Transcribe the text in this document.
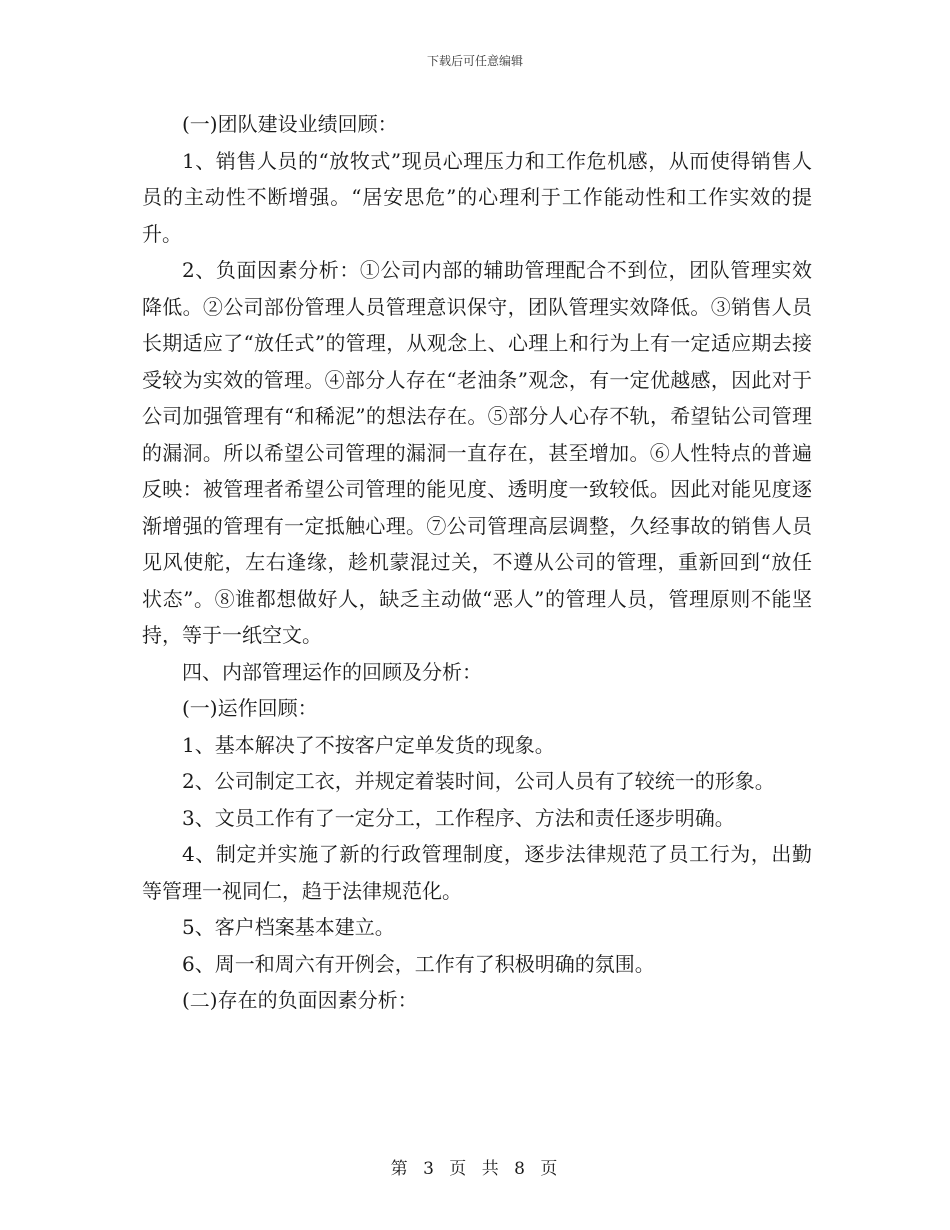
下载后可任意编辑

(一)团队建设业绩回顾：

1、销售人员的“放牧式”现员心理压力和工作危机感，从而使得销售人员的主动性不断增强。“居安思危”的心理利于工作能动性和工作实效的提升。

2、负面因素分析：①公司内部的辅助管理配合不到位，团队管理实效降低。②公司部份管理人员管理意识保守，团队管理实效降低。③销售人员长期适应了“放任式”的管理，从观念上、心理上和行为上有一定适应期去接受较为实效的管理。④部分人存在“老油条”观念，有一定优越感，因此对于公司加强管理有“和稀泥”的想法存在。⑤部分人心存不轨，希望钻公司管理的漏洞。所以希望公司管理的漏洞一直存在，甚至增加。⑥人性特点的普遍反映：被管理者希望公司管理的能见度、透明度一致较低。因此对能见度逐渐增强的管理有一定抵触心理。⑦公司管理高层调整，久经事故的销售人员见风使舵，左右逢缘，趁机蒙混过关，不遵从公司的管理，重新回到“放任状态”。⑧谁都想做好人，缺乏主动做“恶人”的管理人员，管理原则不能坚持，等于一纸空文。

四、内部管理运作的回顾及分析：

(一)运作回顾：

1、基本解决了不按客户定单发货的现象。

2、公司制定工衣，并规定着装时间，公司人员有了较统一的形象。

3、文员工作有了一定分工，工作程序、方法和责任逐步明确。

4、制定并实施了新的行政管理制度，逐步法律规范了员工行为，出勤等管理一视同仁，趋于法律规范化。

5、客户档案基本建立。

6、周一和周六有开例会，工作有了积极明确的氛围。

(二)存在的负面因素分析：

第 3 页 共 8 页
